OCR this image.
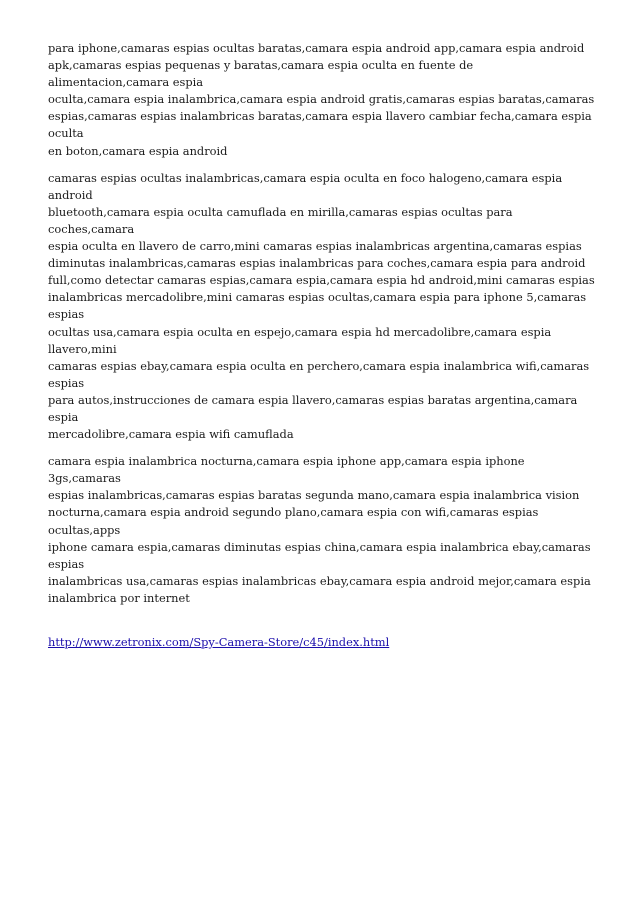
para iphone,camaras espias ocultas baratas,camara espia android app,camara espia android
apk,camaras espias pequenas y baratas,camara espia oculta en fuente de alimentacion,camara espia
oculta,camara espia inalambrica,camara espia android gratis,camaras espias baratas,camaras
espias,camaras espias inalambricas baratas,camara espia llavero cambiar fecha,camara espia oculta
en boton,camara espia android

camaras espias ocultas inalambricas,camara espia oculta en foco halogeno,camara espia android
bluetooth,camara espia oculta camuflada en mirilla,camaras espias ocultas para coches,camara
espia oculta en llavero de carro,mini camaras espias inalambricas argentina,camaras espias
diminutas inalambricas,camaras espias inalambricas para coches,camara espia para android
full,como detectar camaras espias,camara espia,camara espia hd android,mini camaras espias
inalambricas mercadolibre,mini camaras espias ocultas,camara espia para iphone 5,camaras espias
ocultas usa,camara espia oculta en espejo,camara espia hd mercadolibre,camara espia llavero,mini
camaras espias ebay,camara espia oculta en perchero,camara espia inalambrica wifi,camaras espias
para autos,instrucciones de camara espia llavero,camaras espias baratas argentina,camara espia
mercadolibre,camara espia wifi camuflada

camara espia inalambrica nocturna,camara espia iphone app,camara espia iphone 3gs,camaras
espias inalambricas,camaras espias baratas segunda mano,camara espia inalambrica vision
nocturna,camara espia android segundo plano,camara espia con wifi,camaras espias ocultas,apps
iphone camara espia,camaras diminutas espias china,camara espia inalambrica ebay,camaras espias
inalambricas usa,camaras espias inalambricas ebay,camara espia android mejor,camara espia
inalambrica por internet

http://www.zetronix.com/Spy-Camera-Store/c45/index.html
